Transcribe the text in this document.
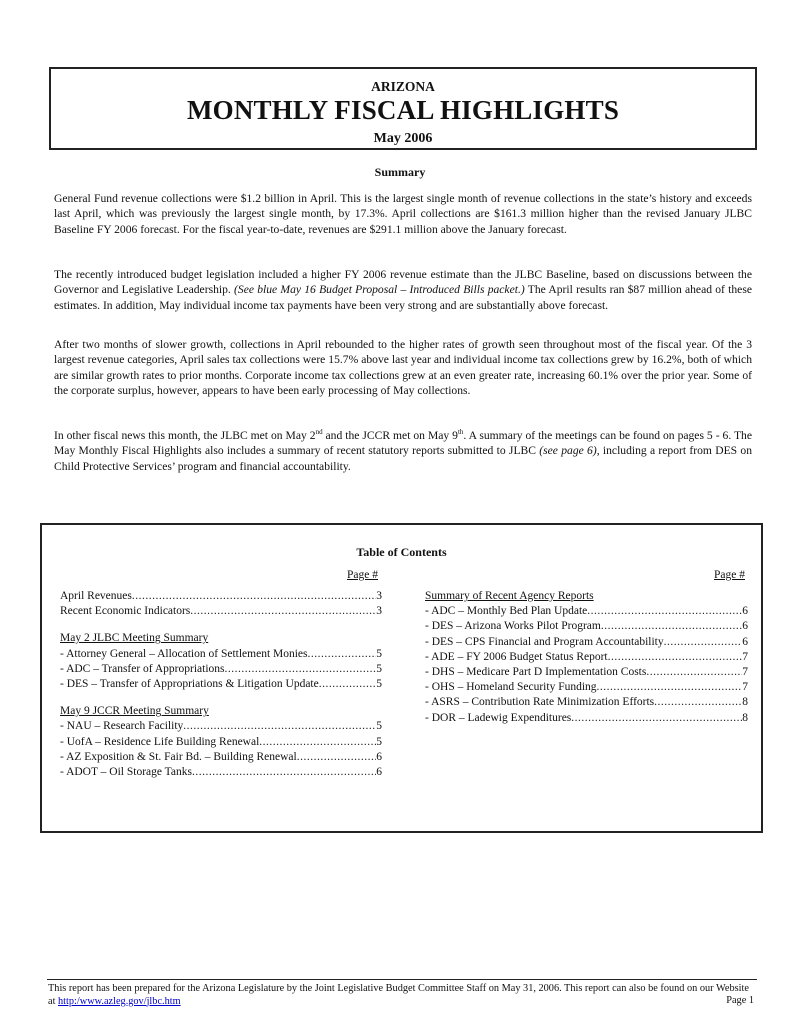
ARIZONA
MONTHLY FISCAL HIGHLIGHTS
May 2006
Summary

General Fund revenue collections were $1.2 billion in April. This is the largest single month of revenue collections in the state’s history and exceeds last April, which was previously the largest single month, by 17.3%. April collections are $161.3 million higher than the revised January JLBC Baseline FY 2006 forecast. For the fiscal year-to-date, revenues are $291.1 million above the January forecast.

The recently introduced budget legislation included a higher FY 2006 revenue estimate than the JLBC Baseline, based on discussions between the Governor and Legislative Leadership. (See blue May 16 Budget Proposal – Introduced Bills packet.) The April results ran $87 million ahead of these estimates. In addition, May individual income tax payments have been very strong and are substantially above forecast.

After two months of slower growth, collections in April rebounded to the higher rates of growth seen throughout most of the fiscal year. Of the 3 largest revenue categories, April sales tax collections were 15.7% above last year and individual income tax collections grew by 16.2%, both of which are similar growth rates to prior months. Corporate income tax collections grew at an even greater rate, increasing 60.1% over the prior year. Some of the corporate surplus, however, appears to have been early processing of May collections.

In other fiscal news this month, the JLBC met on May 2nd and the JCCR met on May 9th. A summary of the meetings can be found on pages 5 - 6. The May Monthly Fiscal Highlights also includes a summary of recent statutory reports submitted to JLBC (see page 6), including a report from DES on Child Protective Services’ program and financial accountability.

Table of Contents
Page #	Page #
April Revenues .....	3
Recent Economic Indicators .....	3
May 2 JLBC Meeting Summary
- Attorney General – Allocation of Settlement Monies .....	5
- ADC – Transfer of Appropriations .....	5
- DES – Transfer of Appropriations & Litigation Update .....	5
May 9 JCCR Meeting Summary
- NAU – Research Facility .....	5
- UofA – Residence Life Building Renewal .....	5
- AZ Exposition & St. Fair Bd. – Building Renewal .....	6
- ADOT – Oil Storage Tanks .....	6
Summary of Recent Agency Reports
- ADC – Monthly Bed Plan Update .....	6
- DES – Arizona Works Pilot Program .....	6
- DES – CPS Financial and Program Accountability .....	6
- ADE – FY 2006 Budget Status Report .....	7
- DHS – Medicare Part D Implementation Costs .....	7
- OHS – Homeland Security Funding .....	7
- ASRS – Contribution Rate Minimization Efforts .....	8
- DOR – Ladewig Expenditures .....	8
This report has been prepared for the Arizona Legislature by the Joint Legislative Budget Committee Staff on May 31, 2006. This report can also be found on our Website at http:/www.azleg.gov/jlbc.htm	Page 1
